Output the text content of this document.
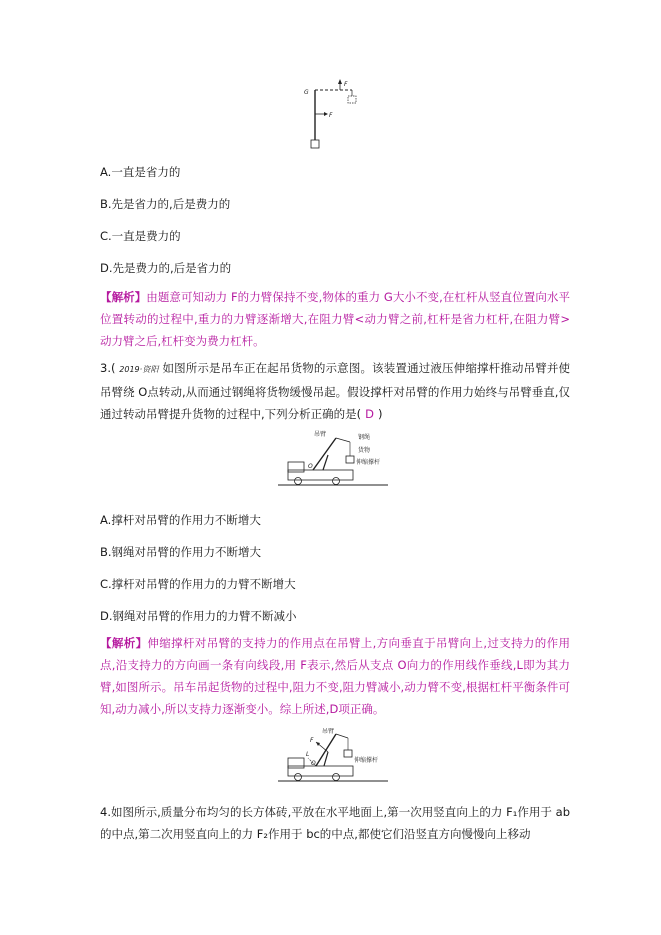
G
F
F
A.一直是省力的
B.先是省力的,后是费力的
C.一直是费力的
D.先是费力的,后是省力的
【解析】由题意可知动力 F的力臂保持不变,物体的重力 G大小不变,在杠杆从竖直位置向水平位置转动的过程中,重力的力臂逐渐增大,在阻力臂<动力臂之前,杠杆是省力杠杆,在阻力臂>动力臂之后,杠杆变为费力杠杆。
3.( 2019·资阳 如图所示是吊车正在起吊货物的示意图。该装置通过液压伸缩撑杆推动吊臂并使吊臂绕 O点转动,从而通过钢绳将货物缓慢吊起。假设撑杆对吊臂的作用力始终与吊臂垂直,仅通过转动吊臂提升货物的过程中,下列分析正确的是( D )
吊臂	钢绳
货物
伸缩撑杆
O
A.撑杆对吊臂的作用力不断增大
B.钢绳对吊臂的作用力不断增大
C.撑杆对吊臂的作用力的力臂不断增大
D.钢绳对吊臂的作用力的力臂不断减小
【解析】伸缩撑杆对吊臂的支持力的作用点在吊臂上,方向垂直于吊臂向上,过支持力的作用点,沿支持力的方向画一条有向线段,用 F表示,然后从支点 O向力的作用线作垂线,L即为其力臂,如图所示。吊车吊起货物的过程中,阻力不变,阻力臂减小,动力臂不变,根据杠杆平衡条件可知,动力减小,所以支持力逐渐变小。综上所述,D项正确。
吊臂
伸缩撑杆
F
L
O
4.如图所示,质量分布均匀的长方体砖,平放在水平地面上,第一次用竖直向上的力 F₁作用于 ab的中点,第二次用竖直向上的力 F₂作用于 bc的中点,都使它们沿竖直方向慢慢向上移动
